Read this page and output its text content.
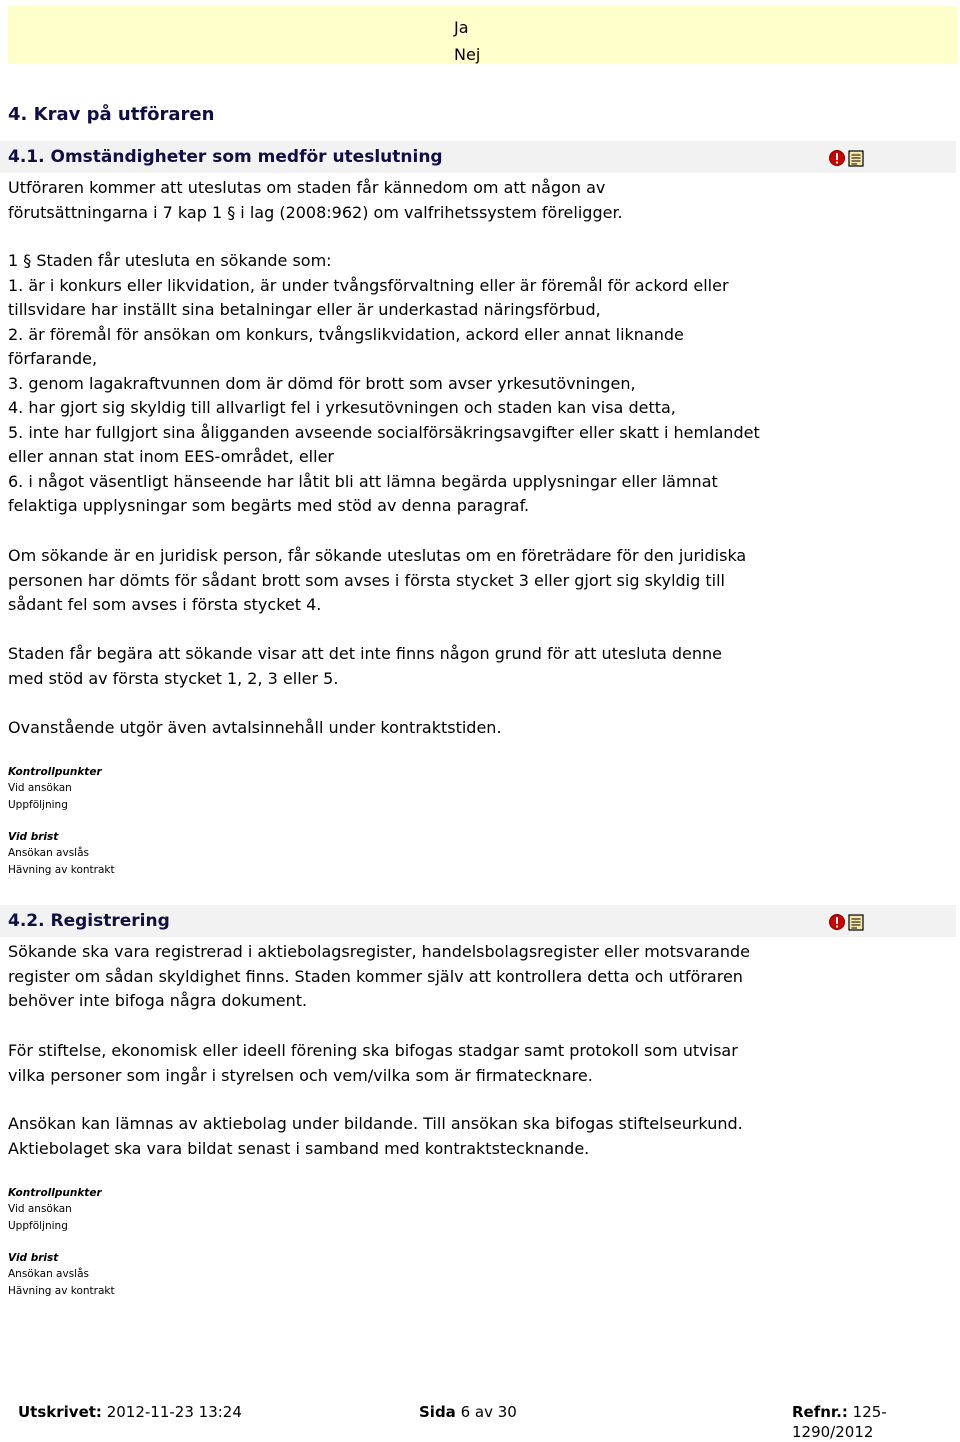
Ja
Nej
4. Krav på utföraren
4.1. Omständigheter som medför uteslutning
Utföraren kommer att uteslutas om staden får kännedom om att någon av
förutsättningarna i 7 kap 1 § i lag (2008:962) om valfrihetssystem föreligger.
1 § Staden får utesluta en sökande som:
1. är i konkurs eller likvidation, är under tvångsförvaltning eller är föremål för ackord eller
tillsvidare har inställt sina betalningar eller är underkastad näringsförbud,
2. är föremål för ansökan om konkurs, tvångslikvidation, ackord eller annat liknande
förfarande,
3. genom lagakraftvunnen dom är dömd för brott som avser yrkesutövningen,
4. har gjort sig skyldig till allvarligt fel i yrkesutövningen och staden kan visa detta,
5. inte har fullgjort sina åligganden avseende socialförsäkringsavgifter eller skatt i hemlandet
eller annan stat inom EES-området, eller
6. i något väsentligt hänseende har låtit bli att lämna begärda upplysningar eller lämnat
felaktiga upplysningar som begärts med stöd av denna paragraf.
Om sökande är en juridisk person, får sökande uteslutas om en företrädare för den juridiska
personen har dömts för sådant brott som avses i första stycket 3 eller gjort sig skyldig till
sådant fel som avses i första stycket 4.
Staden får begära att sökande visar att det inte finns någon grund för att utesluta denne
med stöd av första stycket 1, 2, 3 eller 5.
Ovanstående utgör även avtalsinnehåll under kontraktstiden.
Kontrollpunkter
Vid ansökan
Uppföljning
Vid brist
Ansökan avslås
Hävning av kontrakt
4.2. Registrering
Sökande ska vara registrerad i aktiebolagsregister, handelsbolagsregister eller motsvarande
register om sådan skyldighet finns. Staden kommer själv att kontrollera detta och utföraren
behöver inte bifoga några dokument.
För stiftelse, ekonomisk eller ideell förening ska bifogas stadgar samt protokoll som utvisar
vilka personer som ingår i styrelsen och vem/vilka som är firmatecknare.
Ansökan kan lämnas av aktiebolag under bildande. Till ansökan ska bifogas stiftelseurkund.
Aktiebolaget ska vara bildat senast i samband med kontraktstecknande.
Kontrollpunkter
Vid ansökan
Uppföljning
Vid brist
Ansökan avslås
Hävning av kontrakt
Utskrivet: 2012-11-23 13:24	Sida 6 av 30	Refnr.: 125-1290/2012
